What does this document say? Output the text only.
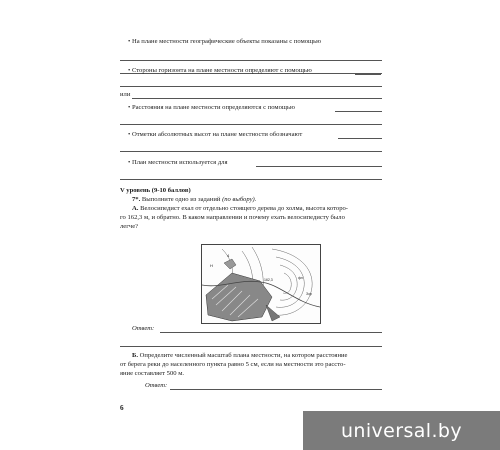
• На плане местности географические объекты показаны с помощью
• Стороны горизонта на плане местности определяют с помощью
или
• Расстояния на плане местности определяются с помощью
• Отметки абсолютных высот на плане местности обозначают
• План местности используется для
V уровень (9-10 баллов)
7*. Выполните одно из заданий (по выбору).
А. Велосипедист ехал от отдельно стоящего дерева до холма, высота которо-
го 162,3 м, и обратно. В каком направлении и почему ехать велосипедисту было
легче?
4
162,3
Н
фл
Зор
Ответ:
Б. Определите численный масштаб плана местности, на котором расстояние
от берега реки до населенного пункта равно 5 см, если на местности это рассто-
яние составляет 500 м.
Ответ:
6
universal.by
